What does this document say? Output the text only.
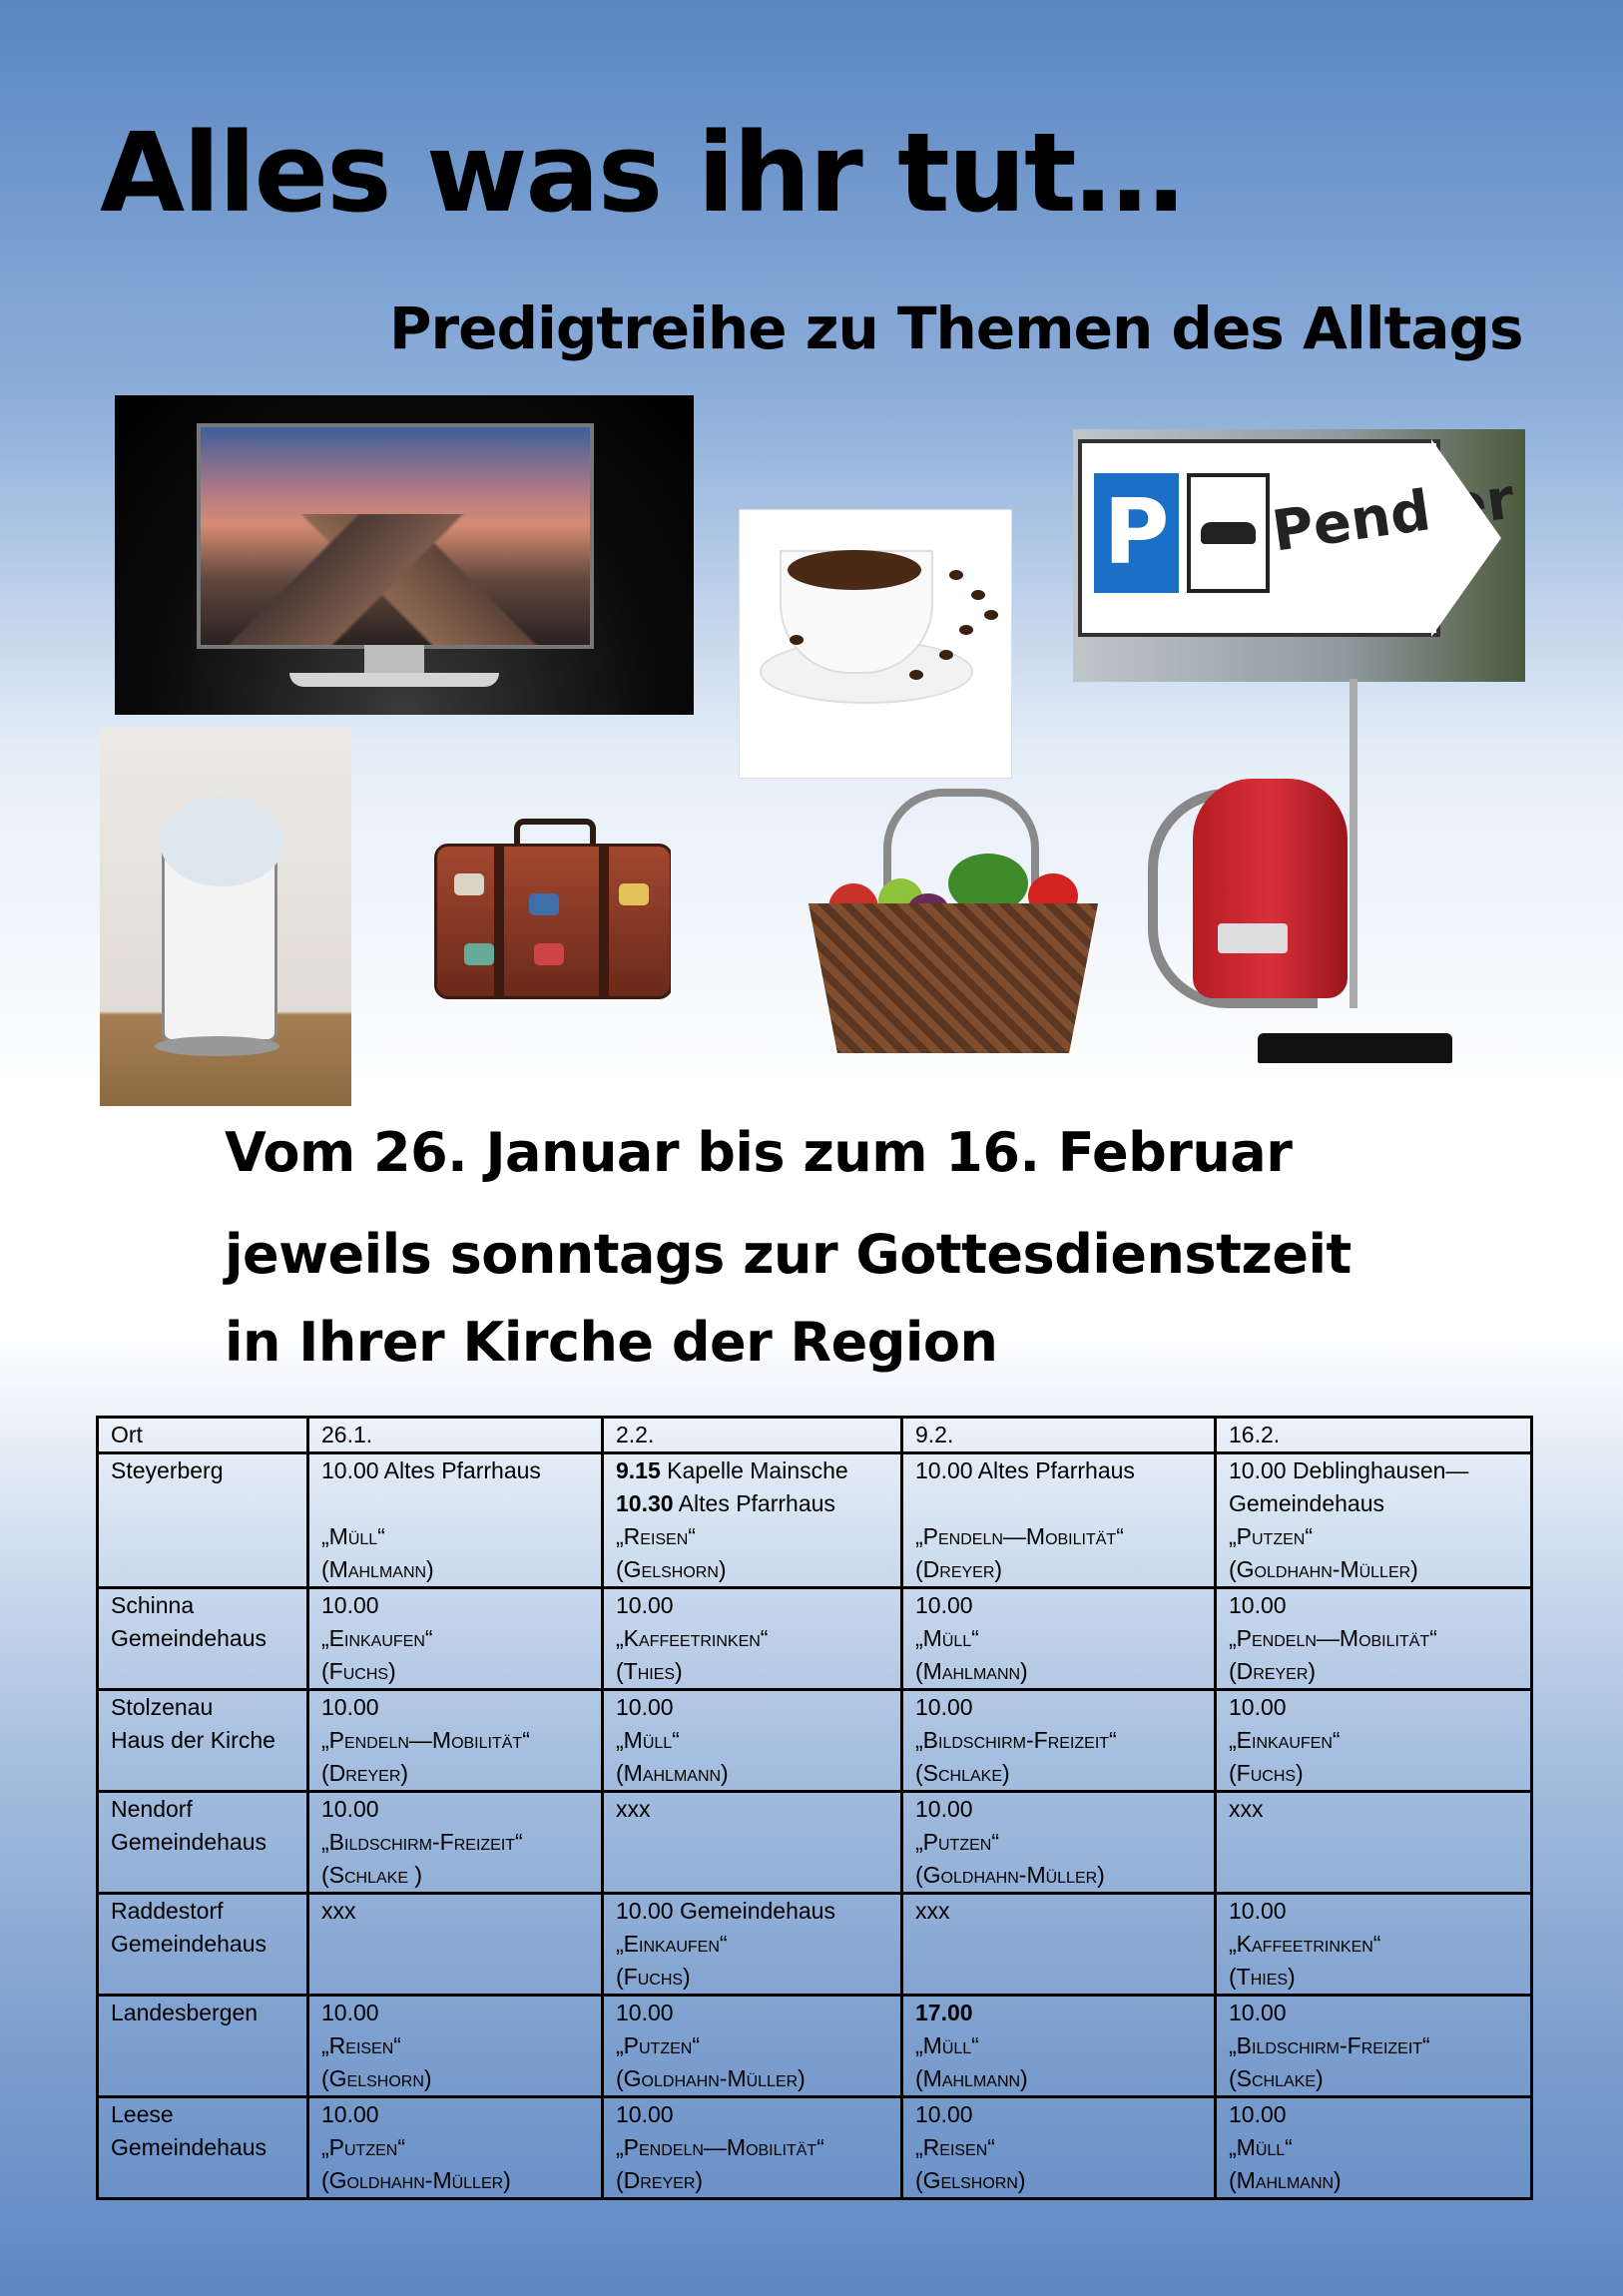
Alles was ihr tut…
Predigtreihe zu Themen des Alltags
P Pendler

Vom 26. Januar bis zum 16. Februar

jeweils sonntags zur Gottesdienstzeit

in Ihrer Kirche der Region

Ort	26.1.	2.2.	9.2.	16.2.

Steyerberg	10.00 Altes Pfarrhaus
„Müll“
(Mahlmann)	9.15 Kapelle Mainsche
10.30 Altes Pfarrhaus
„Reisen“
(Gelshorn)	10.00 Altes Pfarrhaus
„Pendeln—Mobilität“
(Dreyer)	10.00 Deblinghausen—
Gemeindehaus
„Putzen“
(Goldhahn-Müller)

Schinna
Gemeindehaus	10.00
„Einkaufen“
(Fuchs)	10.00
„Kaffeetrinken“
(Thies)	10.00
„Müll“
(Mahlmann)	10.00
„Pendeln—Mobilität“
(Dreyer)

Stolzenau
Haus der Kirche	10.00
„Pendeln—Mobilität“
(Dreyer)	10.00
„Müll“
(Mahlmann)	10.00
„Bildschirm-Freizeit“
(Schlake)	10.00
„Einkaufen“
(Fuchs)

Nendorf
Gemeindehaus	10.00
„Bildschirm-Freizeit“
(Schlake )	xxx	10.00
„Putzen“
(Goldhahn-Müller)	xxx

Raddestorf
Gemeindehaus	xxx	10.00 Gemeindehaus
„Einkaufen“
(Fuchs)	xxx	10.00
„Kaffeetrinken“
(Thies)

Landesbergen	10.00
„Reisen“
(Gelshorn)	10.00
„Putzen“
(Goldhahn-Müller)	17.00
„Müll“
(Mahlmann)	10.00
„Bildschirm-Freizeit“
(Schlake)

Leese
Gemeindehaus	10.00
„Putzen“
(Goldhahn-Müller)	10.00
„Pendeln—Mobilität“
(Dreyer)	10.00
„Reisen“
(Gelshorn)	10.00
„Müll“
(Mahlmann)
